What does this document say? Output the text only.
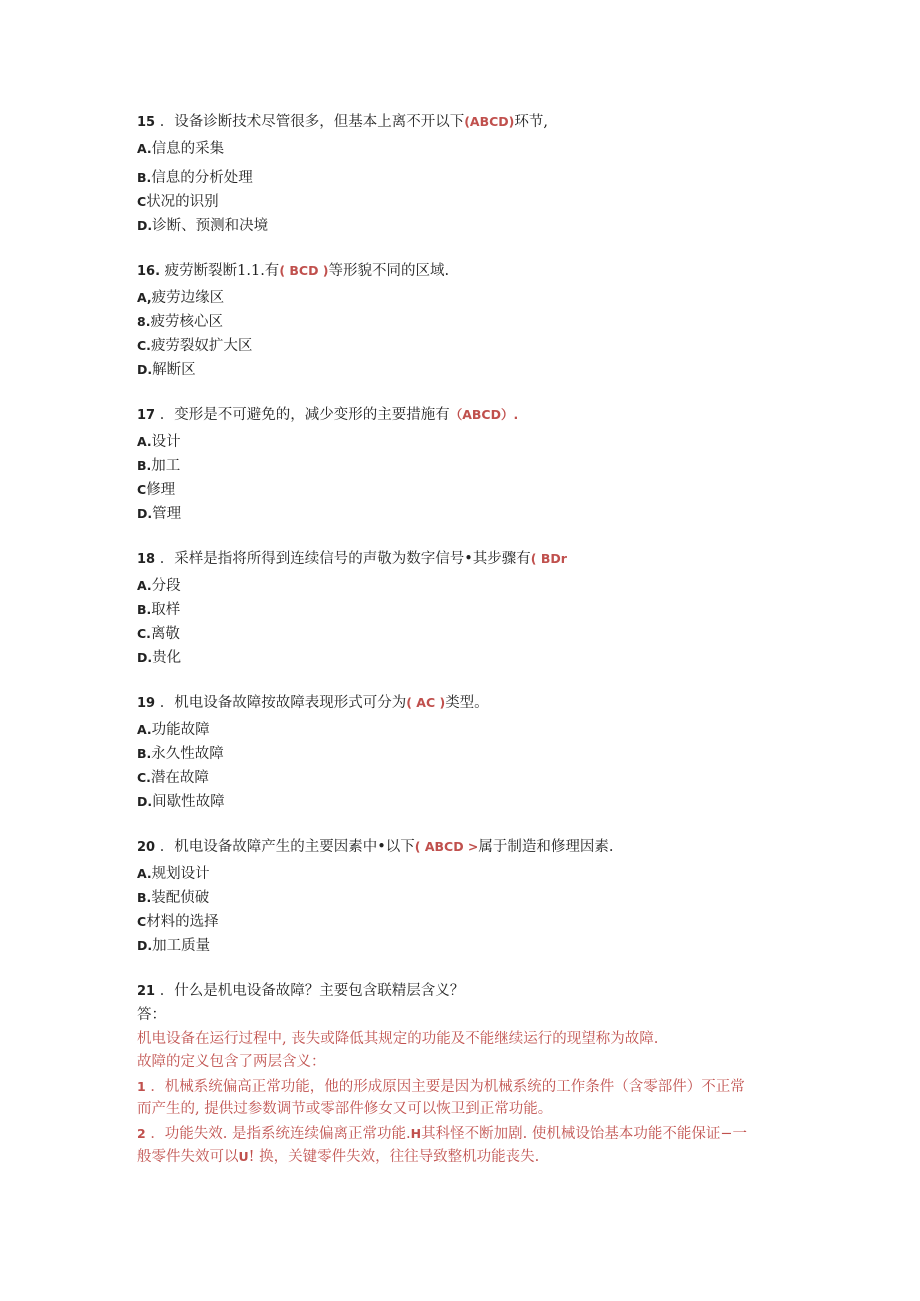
15 ．设备诊断技术尽管很多，但基本上离不开以下(ABCD)环节,
A.信息的采集
B.信息的分析处理
C状况的识别
D.诊断、预测和决境
16. 疲劳断裂断1.1.有( BCD )等形貌不同的区域.
A,疲劳边缘区
8.疲劳核心区
C.疲劳裂奴扩大区
D.解断区
17 ．变形是不可避免的，减少变形的主要措施有（ABCD）.
A.设计
B.加工
C修理
D.管理
18 ．采样是指将所得到连续信号的声敬为数字信号•其步骤有( BDr
A.分段
B.取样
C.离敬
D.贵化
19 ．机电设备故障按故障表现形式可分为( AC )类型。
A.功能故障
B.永久性故障
C.潜在故障
D.间歇性故障
20 ．机电设备故障产生的主要因素中•以下( ABCD >属于制造和修理因素.
A.规划设计
B.装配侦破
C材料的选择
D.加工质量
21 ．什么是机电设备故障？主要包含联精层含义？
答：
机电设备在运行过程中, 丧失或降低其规定的功能及不能继续运行的现望称为故障.
故障的定义包含了两层含义：
1 ．机械系统偏高正常功能，他的形成原因主要是因为机械系统的工作条件（含零部件）不正常
而产生的, 提供过参数调节或零部件修女又可以恢卫到正常功能。
2 ．功能失效. 是指系统连续偏离正常功能.H其科怪不断加剧. 使机械设饴基本功能不能保证−一
般零件失效可以U! 换，关键零件失效，往往导致整机功能丧失.
